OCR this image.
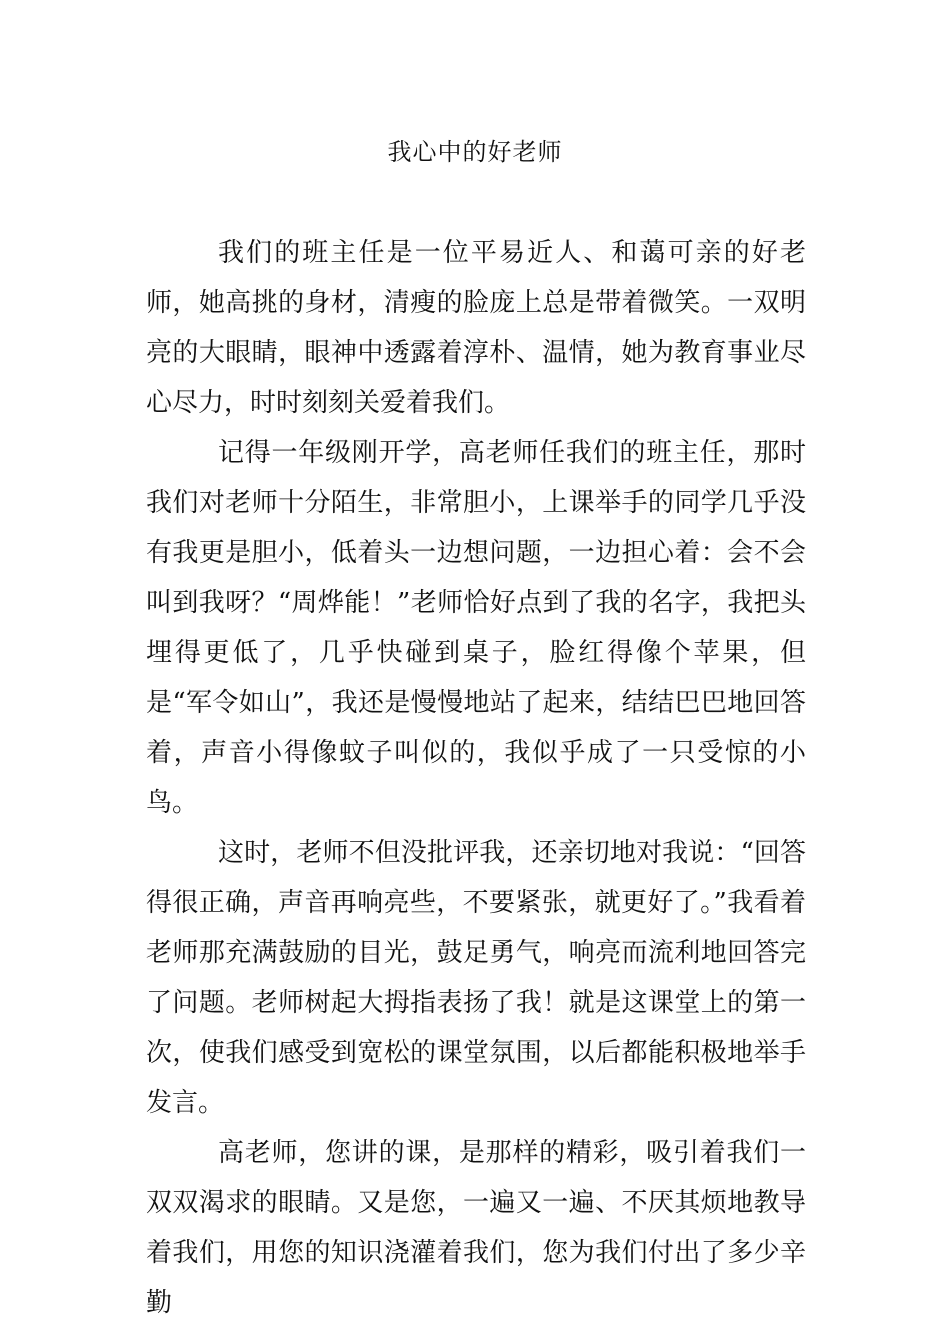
我心中的好老师

我们的班主任是一位平易近人、和蔼可亲的好老师，她高挑的身材，清瘦的脸庞上总是带着微笑。一双明亮的大眼睛，眼神中透露着淳朴、温情，她为教育事业尽心尽力，时时刻刻关爱着我们。

记得一年级刚开学，高老师任我们的班主任，那时我们对老师十分陌生，非常胆小，上课举手的同学几乎没有我更是胆小，低着头一边想问题，一边担心着：会不会叫到我呀？“周烨能！”老师恰好点到了我的名字，我把头埋得更低了，几乎快碰到桌子，脸红得像个苹果，但是“军令如山”，我还是慢慢地站了起来，结结巴巴地回答着，声音小得像蚊子叫似的，我似乎成了一只受惊的小鸟。

这时，老师不但没批评我，还亲切地对我说：“回答得很正确，声音再响亮些，不要紧张，就更好了。”我看着老师那充满鼓励的目光，鼓足勇气，响亮而流利地回答完了问题。老师树起大拇指表扬了我！就是这课堂上的第一次，使我们感受到宽松的课堂氛围，以后都能积极地举手发言。

高老师，您讲的课，是那样的精彩，吸引着我们一双双渴求的眼睛。又是您，一遍又一遍、不厌其烦地教导着我们，用您的知识浇灌着我们，您为我们付出了多少辛勤
